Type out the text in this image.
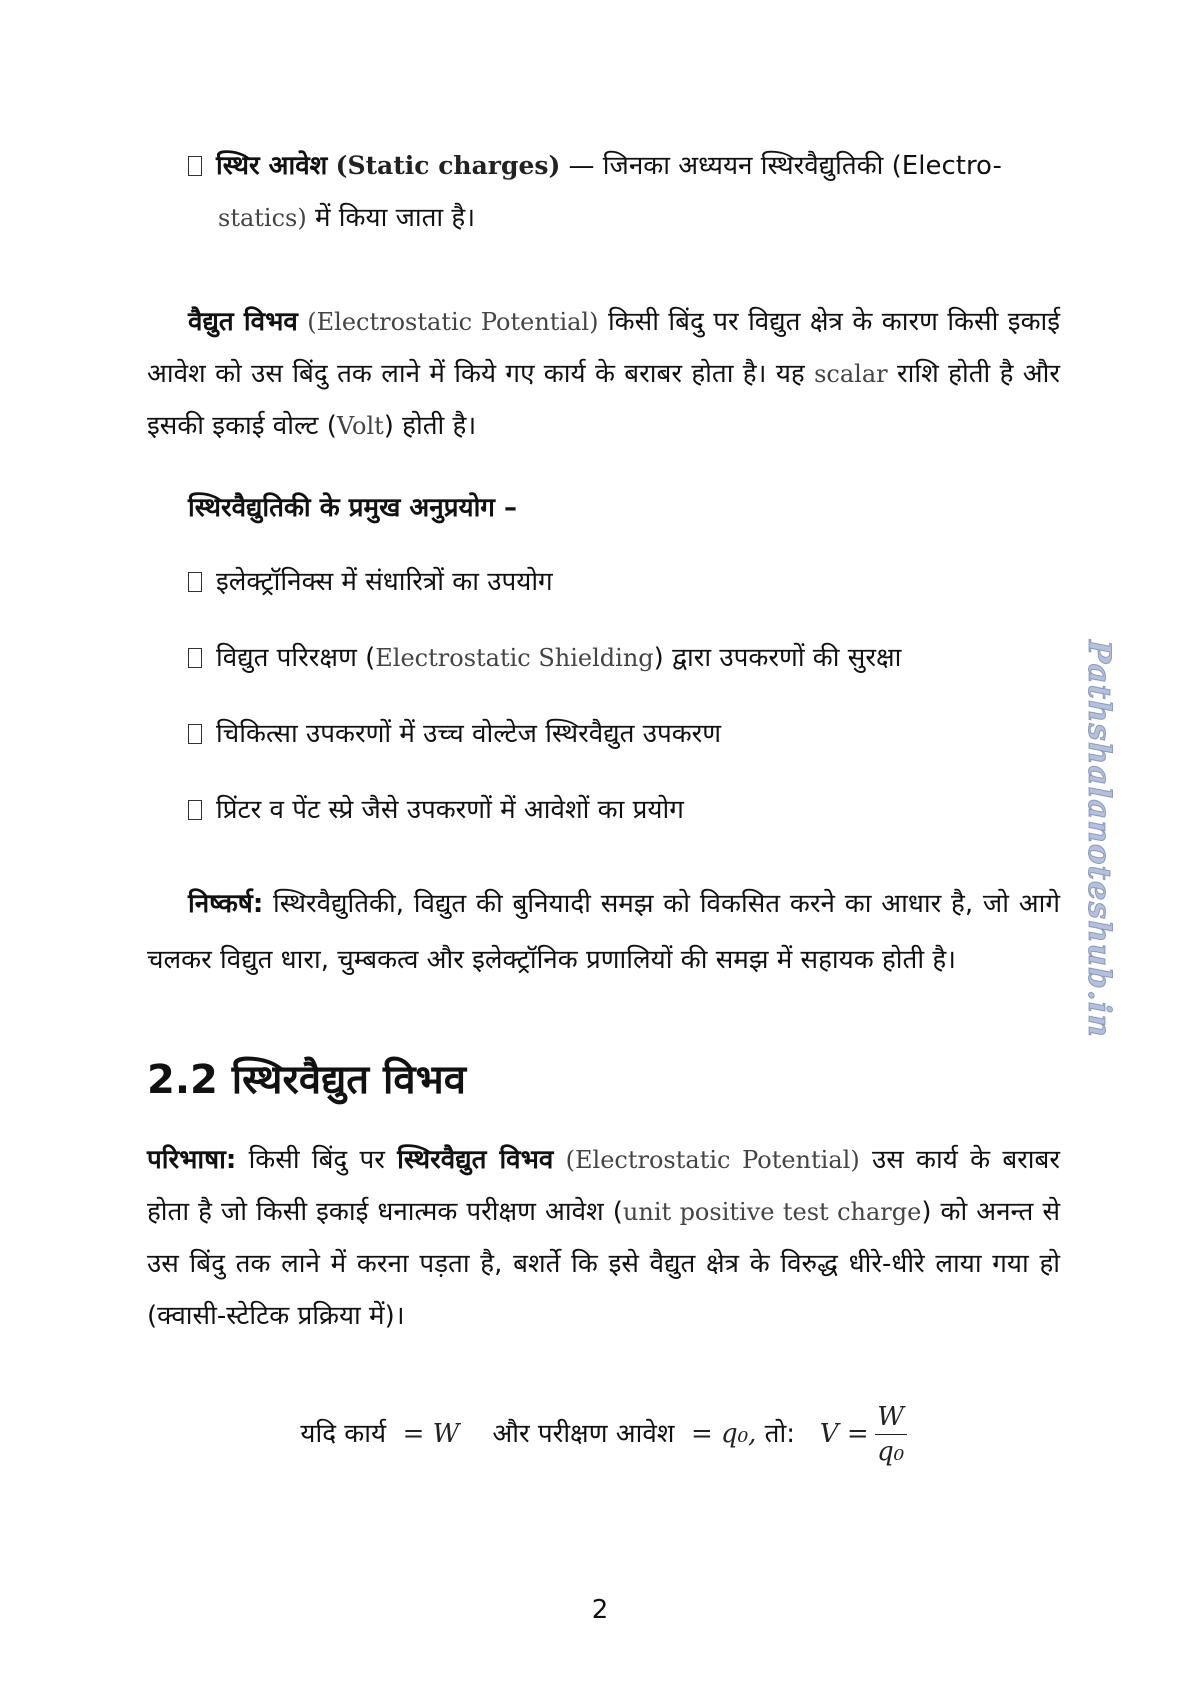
स्थिर आवेश (Static charges) — जिनका अध्ययन स्थिरवैद्युतिकी (Electro- statics) में किया जाता है।

वैद्युत विभव (Electrostatic Potential) किसी बिंदु पर विद्युत क्षेत्र के कारण किसी इकाई आवेश को उस बिंदु तक लाने में किये गए कार्य के बराबर होता है। यह scalar राशि होती है और इसकी इकाई वोल्ट (Volt) होती है।

स्थिरवैद्युतिकी के प्रमुख अनुप्रयोग –
इलेक्ट्रॉनिक्स में संधारित्रों का उपयोग
विद्युत परिरक्षण (Electrostatic Shielding) द्वारा उपकरणों की सुरक्षा
चिकित्सा उपकरणों में उच्च वोल्टेज स्थिरवैद्युत उपकरण
प्रिंटर व पेंट स्प्रे जैसे उपकरणों में आवेशों का प्रयोग

निष्कर्ष: स्थिरवैद्युतिकी, विद्युत की बुनियादी समझ को विकसित करने का आधार है, जो आगे चलकर विद्युत धारा, चुम्बकत्व और इलेक्ट्रॉनिक प्रणालियों की समझ में सहायक होती है।

2.2 स्थिरवैद्युत विभव

परिभाषा: किसी बिंदु पर स्थिरवैद्युत विभव (Electrostatic Potential) उस कार्य के बराबर होता है जो किसी इकाई धनात्मक परीक्षण आवेश (unit positive test charge) को अनन्त से उस बिंदु तक लाने में करना पड़ता है, बशर्ते कि इसे वैद्युत क्षेत्र के विरुद्ध धीरे-धीरे लाया गया हो (क्वासी-स्टेटिक प्रक्रिया में)।

यदि कार्य = W और परीक्षण आवेश = q₀, तो: $V = \frac{W}{\text{q₀}}$
Pathshalanoteshub.in
2
